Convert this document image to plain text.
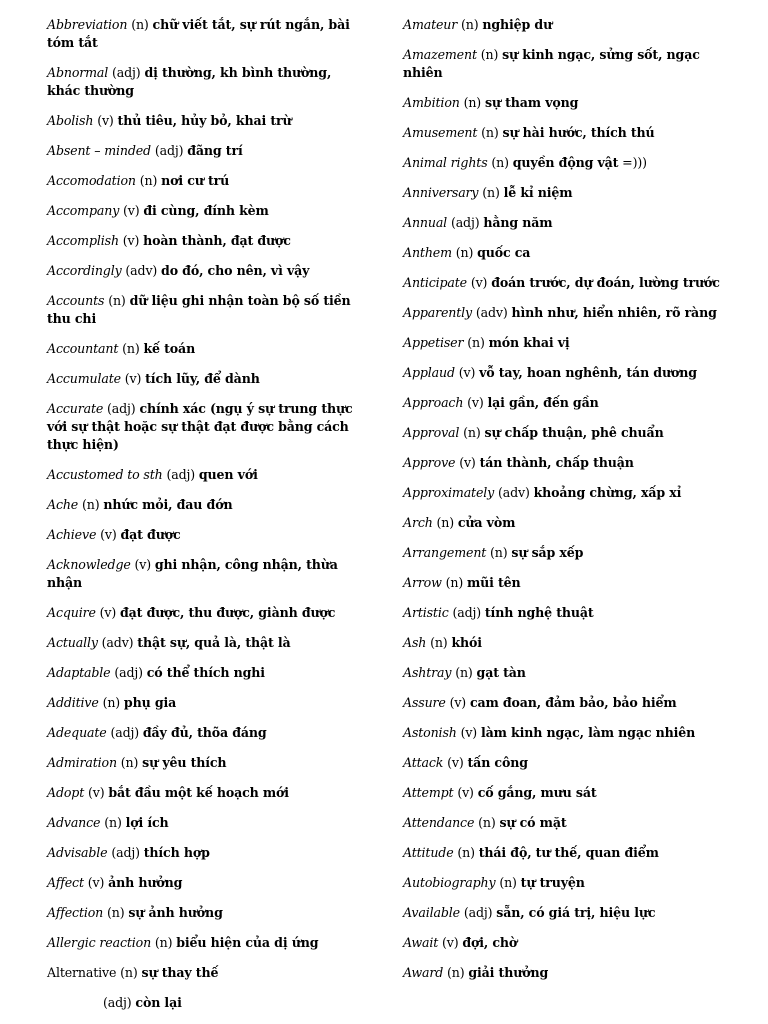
Abbreviation (n) chữ viết tắt, sự rút ngắn, bài tóm tắt
Abnormal (adj) dị thường, kh bình thường, khác thường
Abolish (v) thủ tiêu, hủy bỏ, khai trừ
Absent – minded (adj) đãng trí
Accomodation (n) nơi cư trú
Accompany (v) đi cùng, đính kèm
Accomplish (v) hoàn thành, đạt được
Accordingly (adv) do đó, cho nên, vì vậy
Accounts (n) dữ liệu ghi nhận toàn bộ số tiền thu chi
Accountant (n) kế toán
Accumulate (v) tích lũy, để dành
Accurate (adj) chính xác (ngụ ý sự trung thực với sự thật hoặc sự thật đạt được bằng cách thực hiện)
Accustomed to sth (adj) quen với
Ache (n) nhức mỏi, đau đớn
Achieve (v) đạt được
Acknowledge (v) ghi nhận, công nhận, thừa nhận
Acquire (v) đạt được, thu được, giành được
Actually (adv) thật sự, quả là, thật là
Adaptable (adj) có thể thích nghi
Additive (n) phụ gia
Adequate (adj) đầy đủ, thõa đáng
Admiration (n) sự yêu thích
Adopt (v) bắt đầu một kế hoạch mới
Advance (n) lợi ích
Advisable (adj) thích hợp
Affect (v) ảnh hưởng
Affection (n) sự ảnh hưởng
Allergic reaction (n) biểu hiện của dị ứng
Alternative (n) sự thay thế
(adj) còn lại
Amateur (n) nghiệp dư
Amazement (n) sự kinh ngạc, sửng sốt, ngạc nhiên
Ambition (n) sự tham vọng
Amusement (n) sự hài hước, thích thú
Animal rights (n) quyền động vật =)))
Anniversary (n) lễ kỉ niệm
Annual (adj) hằng năm
Anthem (n) quốc ca
Anticipate (v) đoán trước, dự đoán, lường trước
Apparently (adv) hình như, hiển nhiên, rõ ràng
Appetiser (n) món khai vị
Applaud (v) vỗ tay, hoan nghênh, tán dương
Approach (v) lại gần, đến gần
Approval (n) sự chấp thuận, phê chuẩn
Approve (v) tán thành, chấp thuận
Approximately (adv) khoảng chừng, xấp xỉ
Arch (n) cửa vòm
Arrangement (n) sự sắp xếp
Arrow (n) mũi tên
Artistic (adj) tính nghệ thuật
Ash (n) khói
Ashtray (n) gạt tàn
Assure (v) cam đoan, đảm bảo, bảo hiểm
Astonish (v) làm kinh ngạc, làm ngạc nhiên
Attack (v) tấn công
Attempt (v) cố gắng, mưu sát
Attendance (n) sự có mặt
Attitude (n) thái độ, tư thế, quan điểm
Autobiography (n) tự truyện
Available (adj) sẵn, có giá trị, hiệu lực
Await (v) đợi, chờ
Award (n) giải thưởng
